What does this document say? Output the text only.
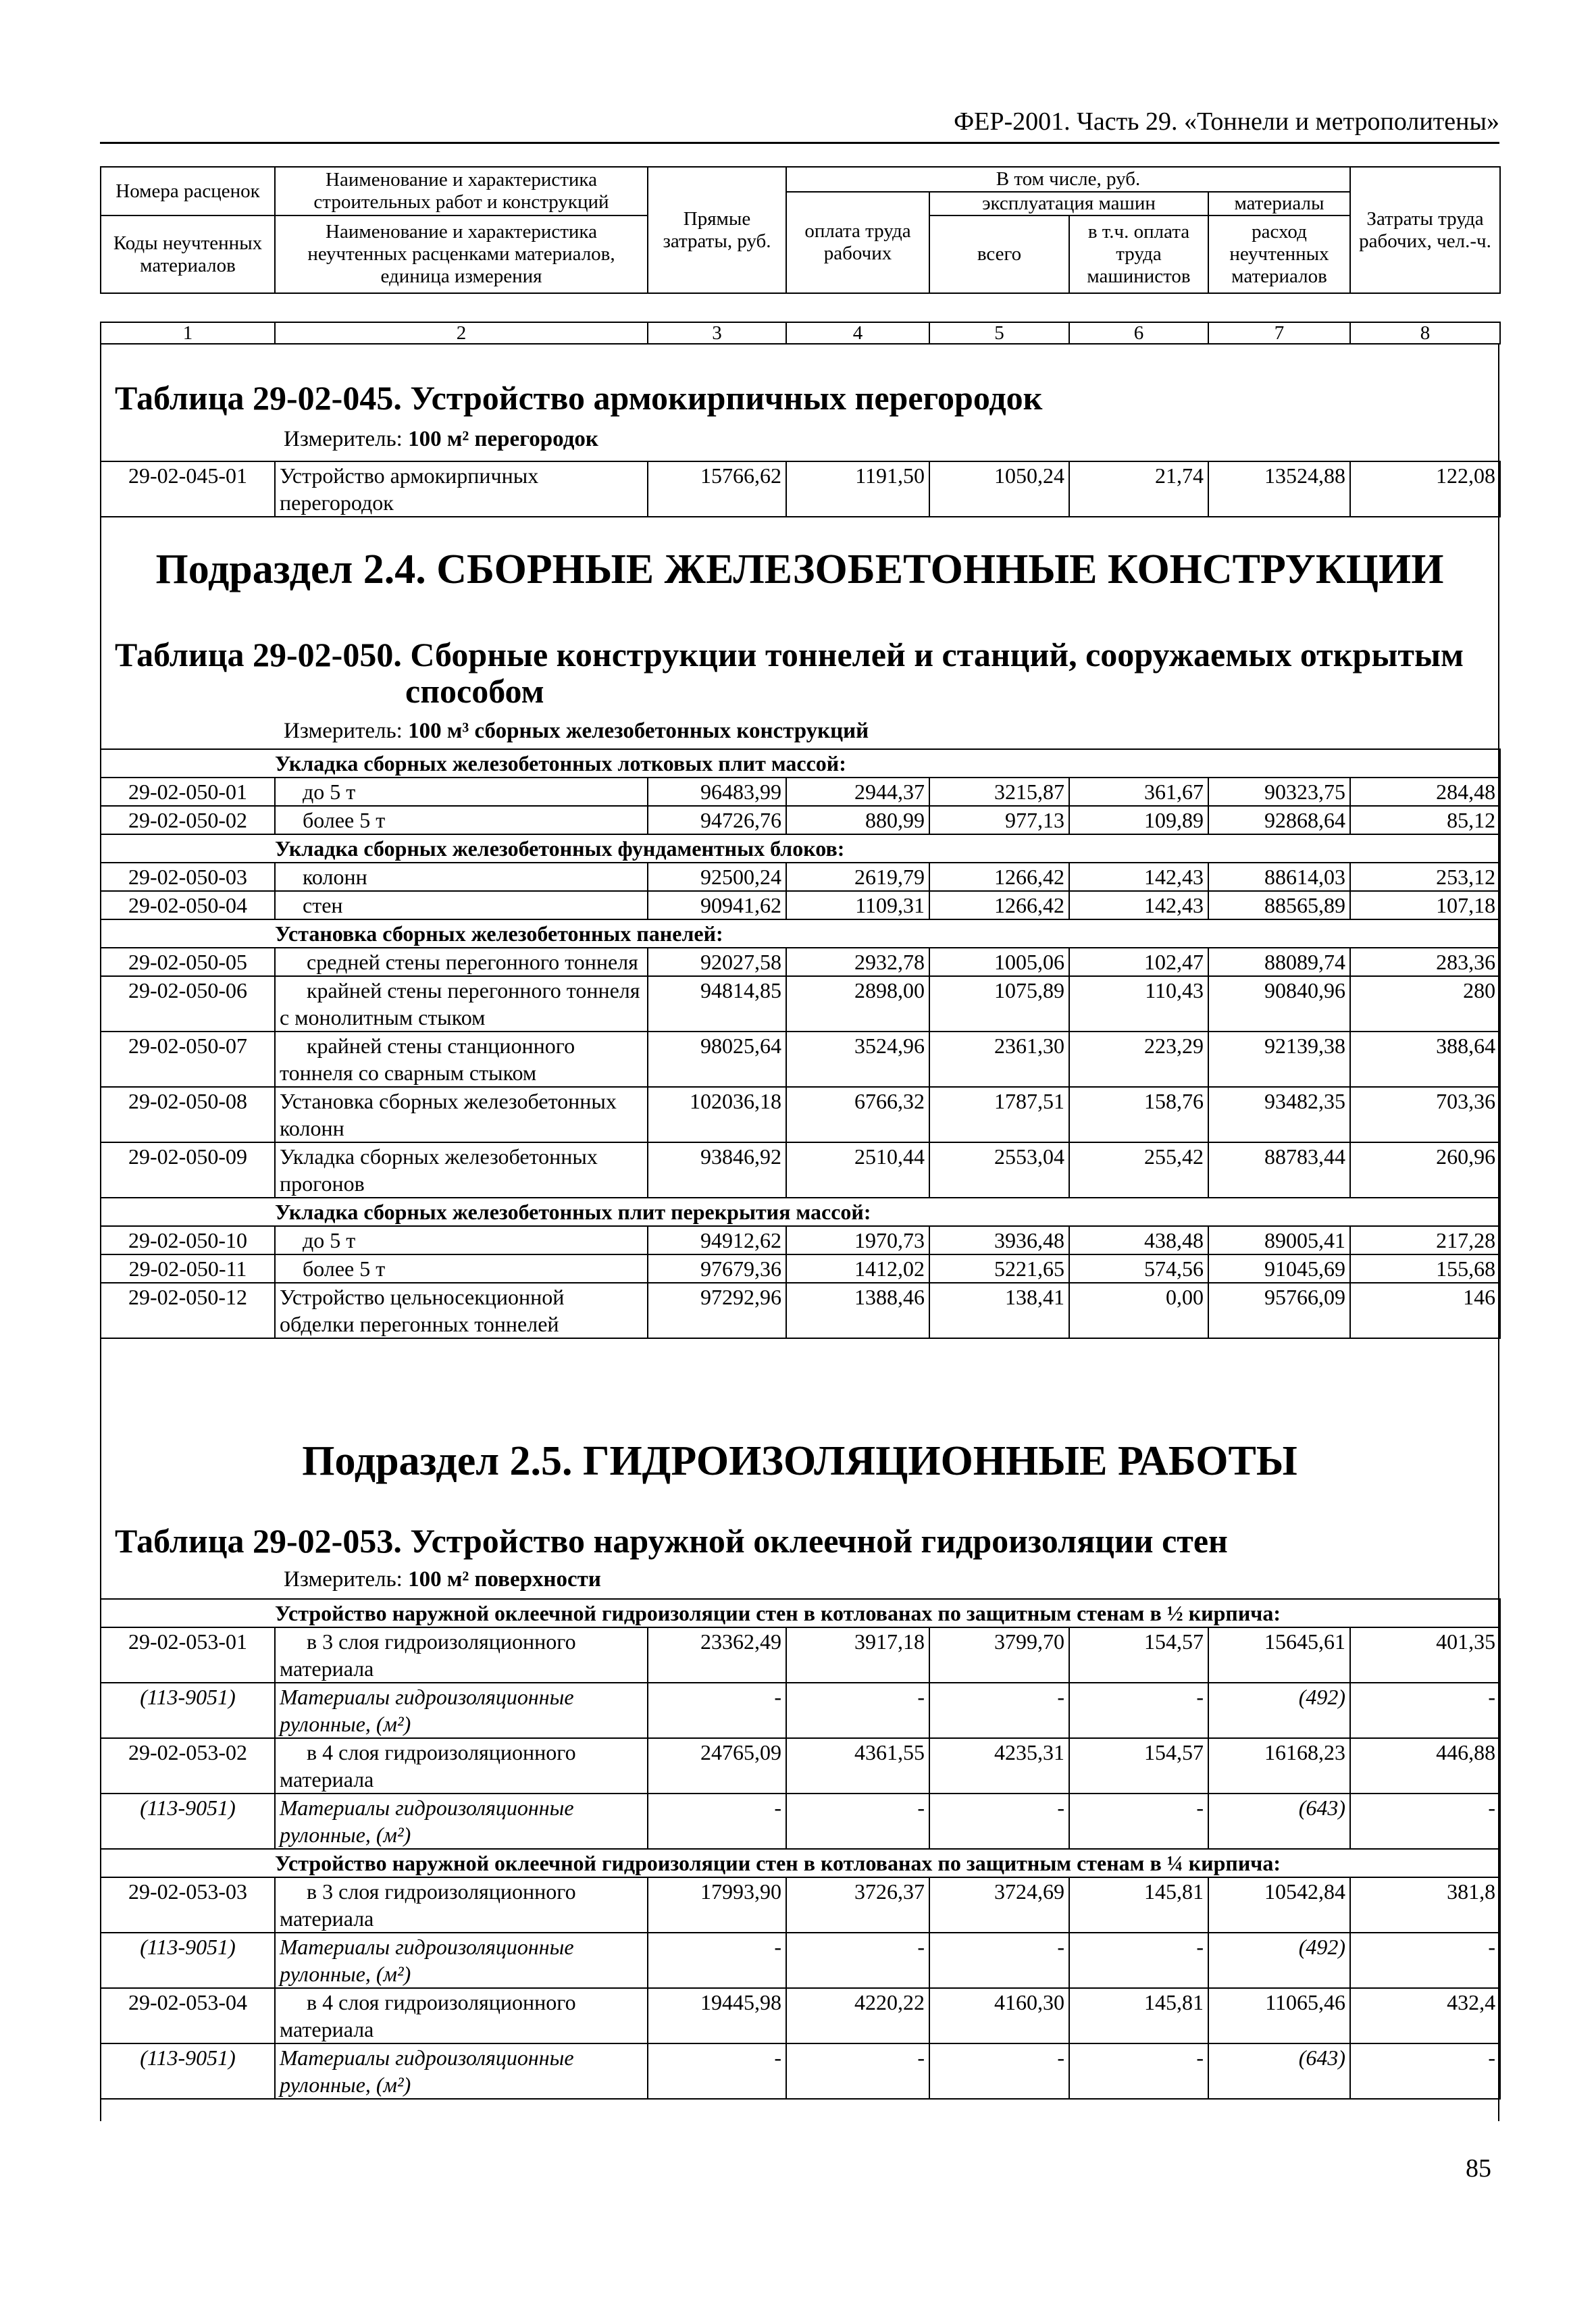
ФЕР-2001. Часть 29. «Тоннели и метрополитены»
Номера расценок	Наименование и характеристика строительных работ и конструкций	Прямые затраты, руб.	В том числе, руб.				Затраты труда рабочих, чел.-ч.
			оплата труда рабочих	эксплуатация машин		материалы	
Коды неучтенных материалов	Наименование и характеристика неучтенных расценками материалов, единица измерения			всего	в т.ч. оплата труда машинистов	расход неучтенных материалов	

1	2	3	4	5	6	7	8
Таблица 29-02-045. Устройство армокирпичных перегородок
Измеритель: 100 м² перегородок
29-02-045-01	Устройство армокирпичных перегородок	15766,62	1191,50	1050,24	21,74	13524,88	122,08
Подраздел 2.4. СБОРНЫЕ ЖЕЛЕЗОБЕТОННЫЕ КОНСТРУКЦИИ
Таблица 29-02-050. Сборные конструкции тоннелей и станций, сооружаемых открытым
способом
Измеритель: 100 м³ сборных железобетонных конструкций
	Укладка сборных железобетонных лотковых плит массой:						
29-02-050-01	до 5 т	96483,99	2944,37	3215,87	361,67	90323,75	284,48
29-02-050-02	более 5 т	94726,76	880,99	977,13	109,89	92868,64	85,12
	Укладка сборных железобетонных фундаментных блоков:						
29-02-050-03	колонн	92500,24	2619,79	1266,42	142,43	88614,03	253,12
29-02-050-04	стен	90941,62	1109,31	1266,42	142,43	88565,89	107,18
	Установка сборных железобетонных панелей:						
29-02-050-05	средней стены перегонного тоннеля	92027,58	2932,78	1005,06	102,47	88089,74	283,36
29-02-050-06	крайней стены перегонного тоннеля с монолитным стыком	94814,85	2898,00	1075,89	110,43	90840,96	280
29-02-050-07	крайней стены станционного тоннеля со сварным стыком	98025,64	3524,96	2361,30	223,29	92139,38	388,64
29-02-050-08	Установка сборных железобетонных колонн	102036,18	6766,32	1787,51	158,76	93482,35	703,36
29-02-050-09	Укладка сборных железобетонных прогонов	93846,92	2510,44	2553,04	255,42	88783,44	260,96
	Укладка сборных железобетонных плит перекрытия массой:						
29-02-050-10	до 5 т	94912,62	1970,73	3936,48	438,48	89005,41	217,28
29-02-050-11	более 5 т	97679,36	1412,02	5221,65	574,56	91045,69	155,68
29-02-050-12	Устройство цельносекционной обделки перегонных тоннелей	97292,96	1388,46	138,41	0,00	95766,09	146
Подраздел 2.5. ГИДРОИЗОЛЯЦИОННЫЕ РАБОТЫ
Таблица 29-02-053. Устройство наружной оклеечной гидроизоляции стен
Измеритель: 100 м² поверхности
	Устройство наружной оклеечной гидроизоляции стен в котлованах по защитным стенам в ½ кирпича:						
29-02-053-01	в 3 слоя гидроизоляционного материала	23362,49	3917,18	3799,70	154,57	15645,61	401,35
(113-9051)	Материалы гидроизоляционные рулонные, (м²)	-	-	-	-	(492)	-
29-02-053-02	в 4 слоя гидроизоляционного материала	24765,09	4361,55	4235,31	154,57	16168,23	446,88
(113-9051)	Материалы гидроизоляционные рулонные, (м²)	-	-	-	-	(643)	-
	Устройство наружной оклеечной гидроизоляции стен в котлованах по защитным стенам в ¼ кирпича:						
29-02-053-03	в 3 слоя гидроизоляционного материала	17993,90	3726,37	3724,69	145,81	10542,84	381,8
(113-9051)	Материалы гидроизоляционные рулонные, (м²)	-	-	-	-	(492)	-
29-02-053-04	в 4 слоя гидроизоляционного материала	19445,98	4220,22	4160,30	145,81	11065,46	432,4
(113-9051)	Материалы гидроизоляционные рулонные, (м²)	-	-	-	-	(643)	-
85
